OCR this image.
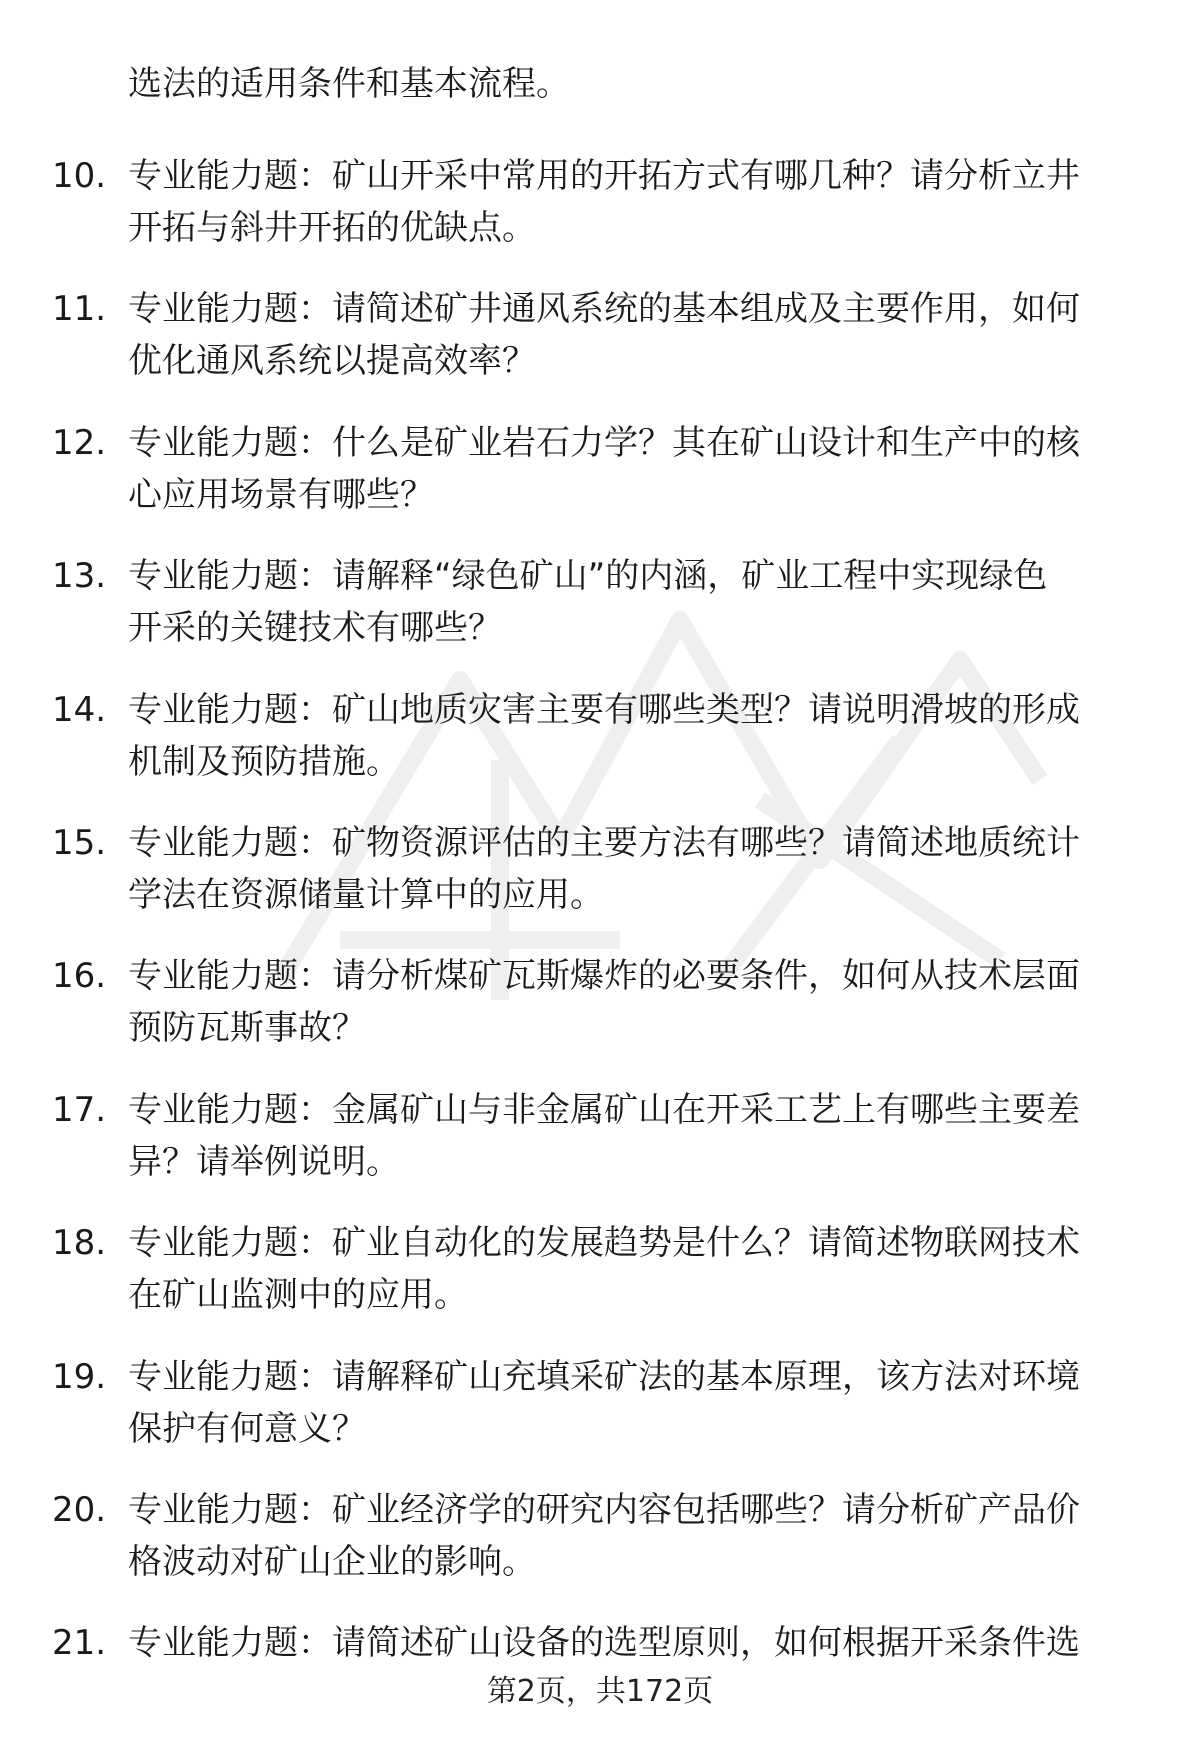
选法的适用条件和基本流程。
10. 专业能力题：矿山开采中常用的开拓方式有哪几种？请分析立井
开拓与斜井开拓的优缺点。
11. 专业能力题：请简述矿井通风系统的基本组成及主要作用，如何
优化通风系统以提高效率？
12. 专业能力题：什么是矿业岩石力学？其在矿山设计和生产中的核
心应用场景有哪些？
13. 专业能力题：请解释“绿色矿山”的内涵，矿业工程中实现绿色
开采的关键技术有哪些？
14. 专业能力题：矿山地质灾害主要有哪些类型？请说明滑坡的形成
机制及预防措施。
15. 专业能力题：矿物资源评估的主要方法有哪些？请简述地质统计
学法在资源储量计算中的应用。
16. 专业能力题：请分析煤矿瓦斯爆炸的必要条件，如何从技术层面
预防瓦斯事故？
17. 专业能力题：金属矿山与非金属矿山在开采工艺上有哪些主要差
异？请举例说明。
18. 专业能力题：矿业自动化的发展趋势是什么？请简述物联网技术
在矿山监测中的应用。
19. 专业能力题：请解释矿山充填采矿法的基本原理，该方法对环境
保护有何意义？
20. 专业能力题：矿业经济学的研究内容包括哪些？请分析矿产品价
格波动对矿山企业的影响。
21. 专业能力题：请简述矿山设备的选型原则，如何根据开采条件选
第2页，共172页
